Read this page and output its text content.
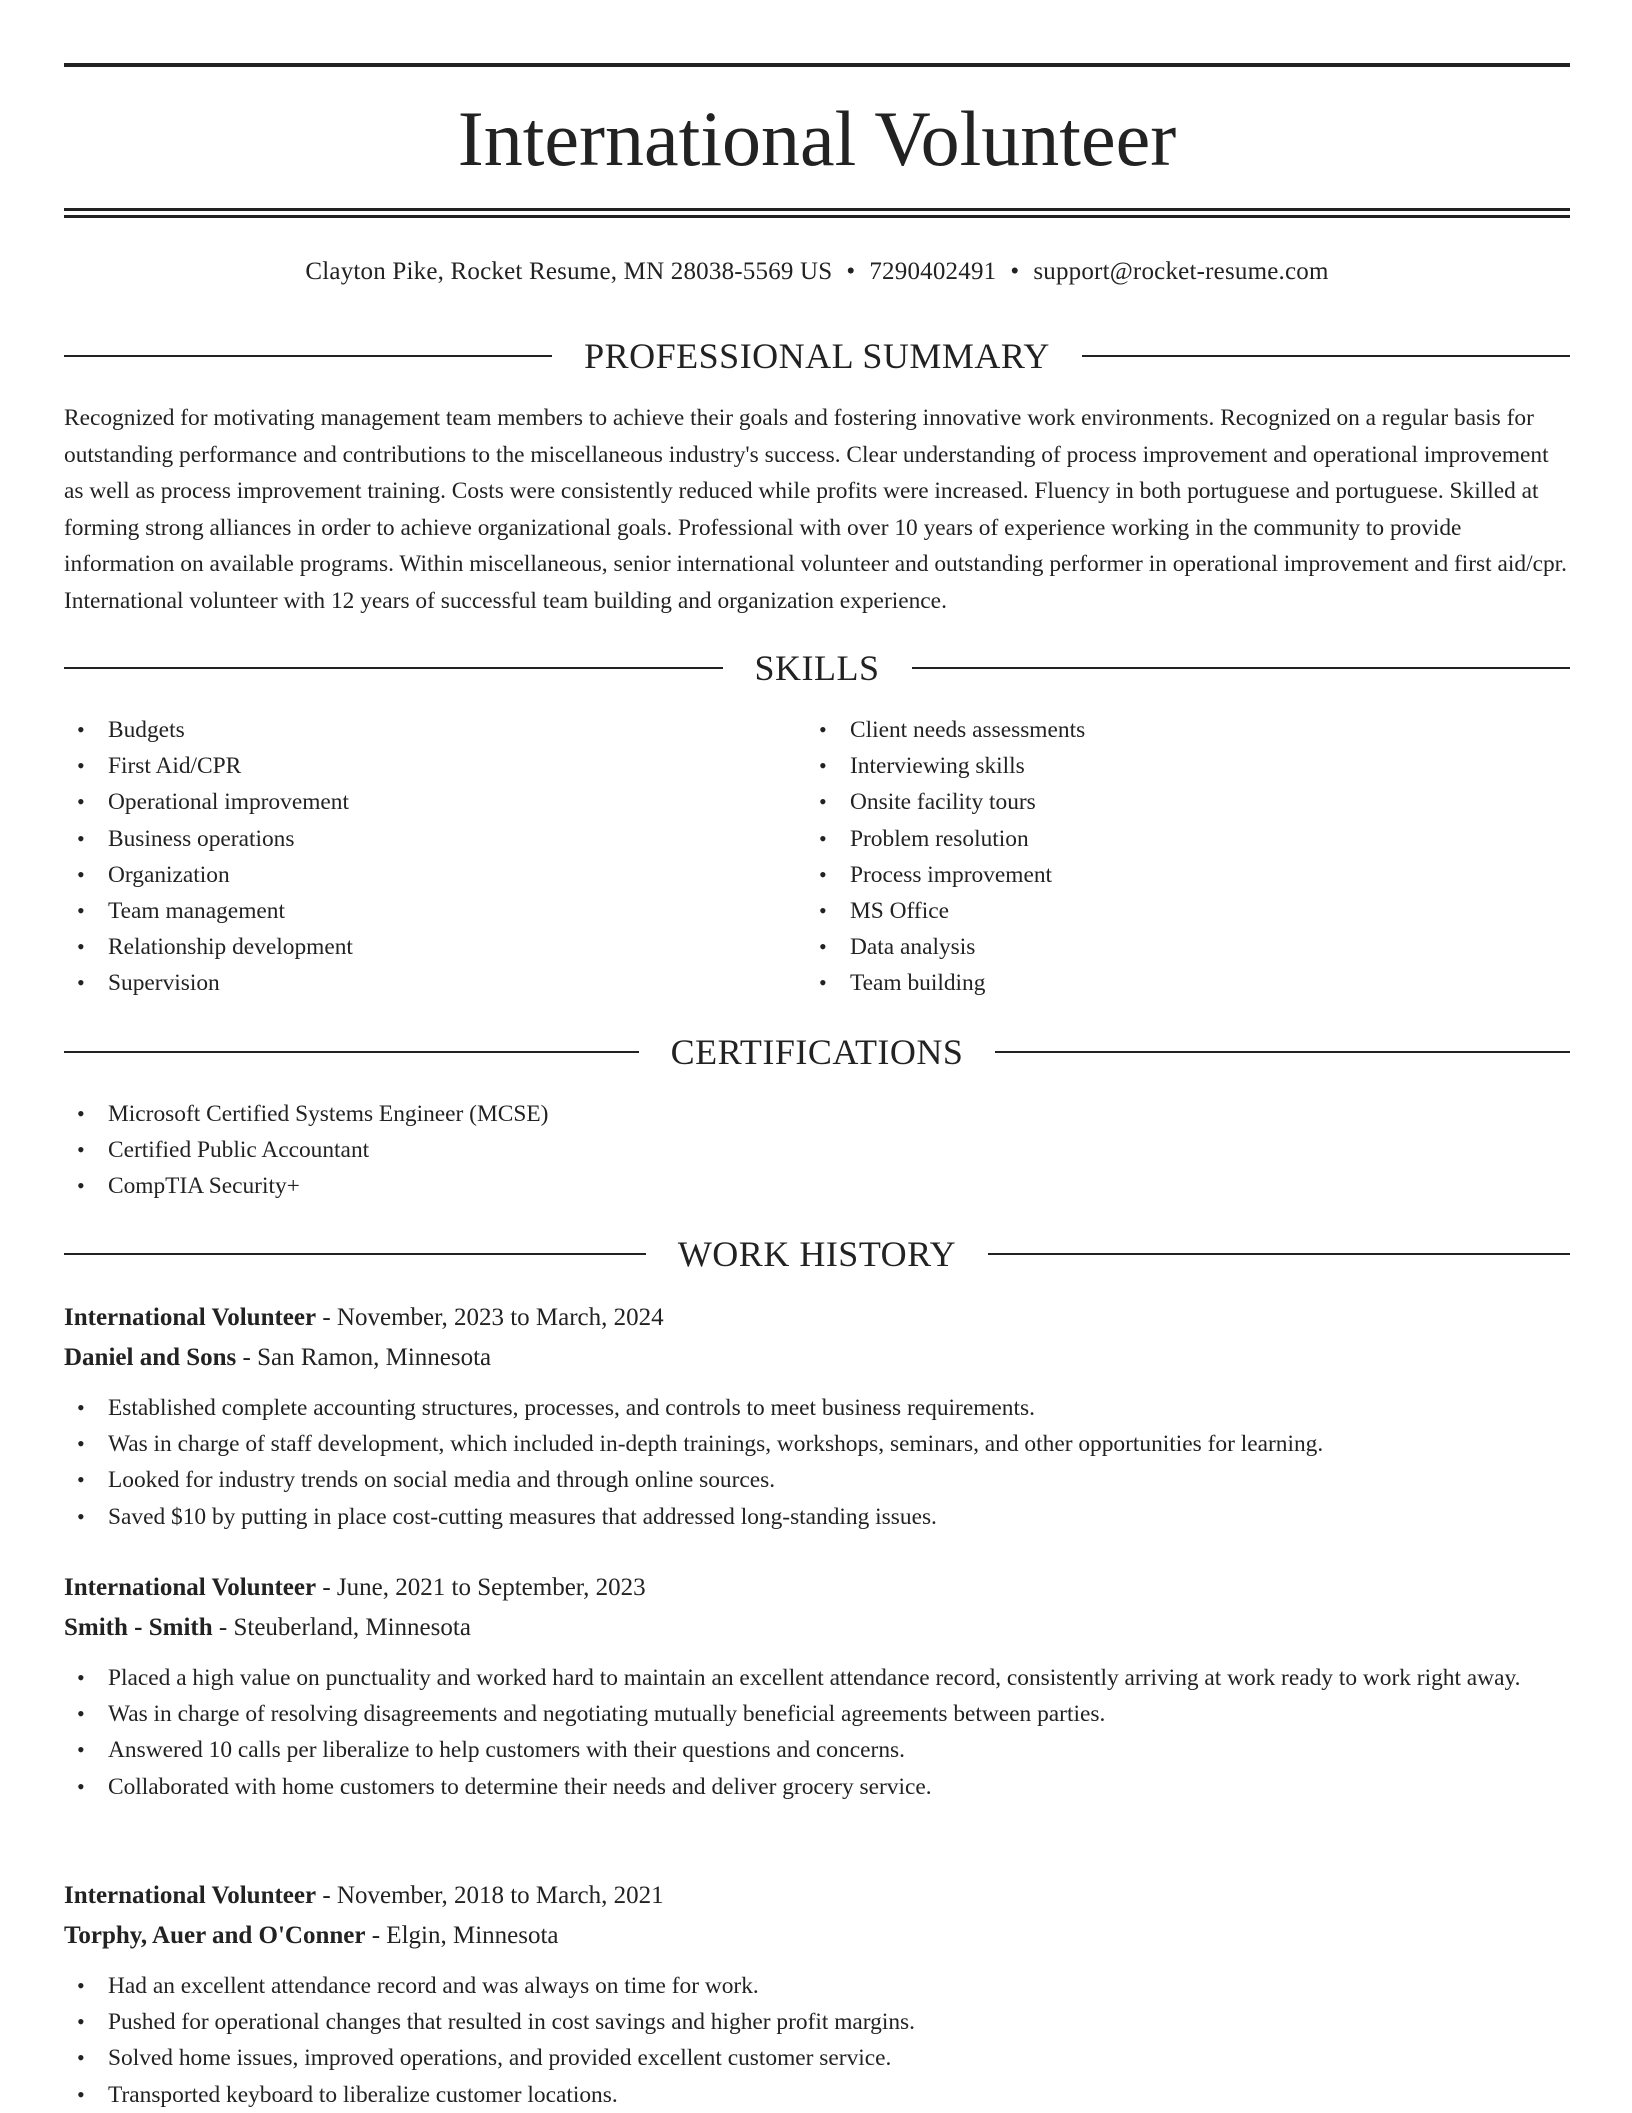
International Volunteer
Clayton Pike, Rocket Resume, MN 28038-5569 US • 7290402491 • support@rocket-resume.com
PROFESSIONAL SUMMARY

Recognized for motivating management team members to achieve their goals and fostering innovative work environments. Recognized on a regular basis for outstanding performance and contributions to the miscellaneous industry's success. Clear understanding of process improvement and operational improvement as well as process improvement training. Costs were consistently reduced while profits were increased. Fluency in both portuguese and portuguese. Skilled at forming strong alliances in order to achieve organizational goals. Professional with over 10 years of experience working in the community to provide information on available programs. Within miscellaneous, senior international volunteer and outstanding performer in operational improvement and first aid/cpr. International volunteer with 12 years of successful team building and organization experience.

SKILLS
• Budgets
• First Aid/CPR
• Operational improvement
• Business operations
• Organization
• Team management
• Relationship development
• Supervision
• Client needs assessments
• Interviewing skills
• Onsite facility tours
• Problem resolution
• Process improvement
• MS Office
• Data analysis
• Team building
CERTIFICATIONS
• Microsoft Certified Systems Engineer (MCSE)
• Certified Public Accountant
• CompTIA Security+
WORK HISTORY
International Volunteer - November, 2023 to March, 2024
Daniel and Sons - San Ramon, Minnesota
• Established complete accounting structures, processes, and controls to meet business requirements.
• Was in charge of staff development, which included in-depth trainings, workshops, seminars, and other opportunities for learning.
• Looked for industry trends on social media and through online sources.
• Saved $10 by putting in place cost-cutting measures that addressed long-standing issues.
International Volunteer - June, 2021 to September, 2023
Smith - Smith - Steuberland, Minnesota
• Placed a high value on punctuality and worked hard to maintain an excellent attendance record, consistently arriving at work ready to work right away.
• Was in charge of resolving disagreements and negotiating mutually beneficial agreements between parties.
• Answered 10 calls per liberalize to help customers with their questions and concerns.
• Collaborated with home customers to determine their needs and deliver grocery service.
International Volunteer - November, 2018 to March, 2021
Torphy, Auer and O'Conner - Elgin, Minnesota
• Had an excellent attendance record and was always on time for work.
• Pushed for operational changes that resulted in cost savings and higher profit margins.
• Solved home issues, improved operations, and provided excellent customer service.
• Transported keyboard to liberalize customer locations.
